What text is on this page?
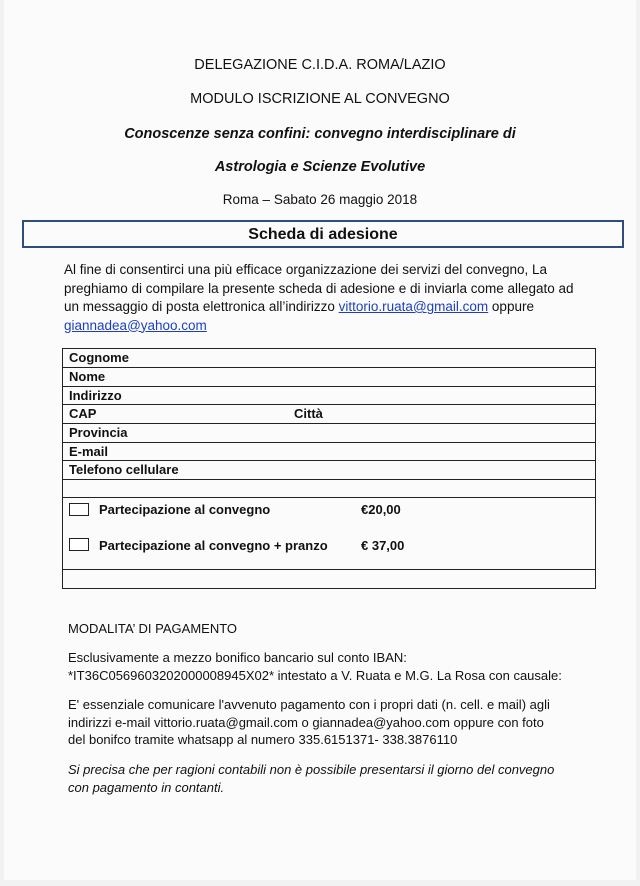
DELEGAZIONE C.I.D.A. ROMA/LAZIO
MODULO ISCRIZIONE AL CONVEGNO
Conoscenze senza confini: convegno interdisciplinare di
Astrologia e Scienze Evolutive
Roma – Sabato 26 maggio 2018
Scheda di adesione
Al fine di consentirci una più efficace organizzazione dei servizi del convegno, La
preghiamo di compilare la presente scheda di adesione e di inviarla come allegato ad
un messaggio di posta elettronica all’indirizzo vittorio.ruata@gmail.com oppure
giannadea@yahoo.com
Cognome
Nome
Indirizzo
CAP	Città
Provincia
E-mail
Telefono cellulare
Partecipazione al convegno	€20,00
Partecipazione al convegno + pranzo	€ 37,00
MODALITA’ DI PAGAMENTO
Esclusivamente a mezzo bonifico bancario sul conto IBAN:
*IT36C0569603202000008945X02* intestato a V. Ruata e M.G. La Rosa con causale:
E' essenziale comunicare l'avvenuto pagamento con i propri dati (n. cell. e mail) agli
indirizzi e-mail vittorio.ruata@gmail.com o giannadea@yahoo.com oppure con foto
del bonifco tramite whatsapp al numero 335.6151371- 338.3876110
Si precisa che per ragioni contabili non è possibile presentarsi il giorno del convegno
con pagamento in contanti.
